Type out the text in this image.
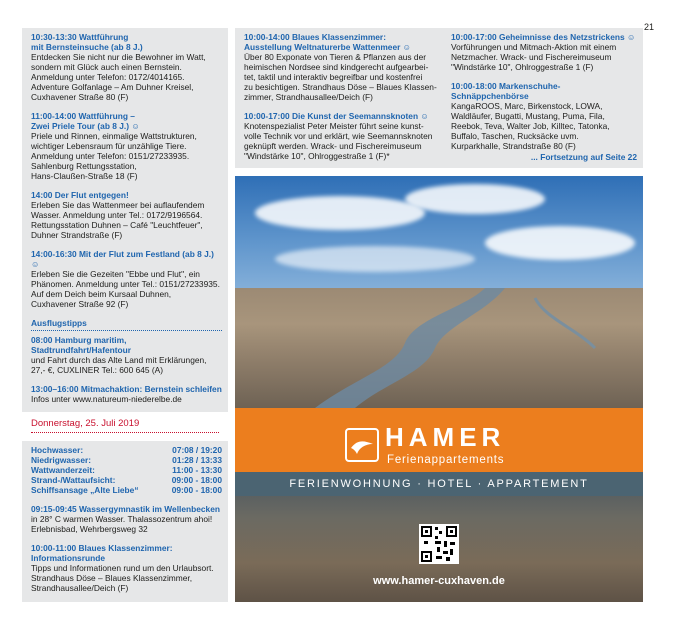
21
10:30-13:30 Wattführung
mit Bernsteinsuche (ab 8 J.)
Entdecken Sie nicht nur die Bewohner im Watt,
sondern mit Glück auch einen Bernstein.
Anmeldung unter Telefon: 0172/4014165.
Adventure Golfanlage – Am Duhner Kreisel,
Cuxhavener Straße 80 (F)
11:00-14:00 Wattführung –
Zwei Priele Tour (ab 8 J.) ☺
Priele und Rinnen, einmalige Wattstrukturen,
wichtiger Lebensraum für unzählige Tiere.
Anmeldung unter Telefon: 0151/27233935.
Sahlenburg Rettungsstation,
Hans-Claußen-Straße 18 (F)
14:00 Der Flut entgegen!
Erleben Sie das Wattenmeer bei auflaufendem
Wasser. Anmeldung unter Tel.: 0172/9196564.
Rettungsstation Duhnen – Café "Leuchtfeuer",
Duhner Strandstraße (F)
14:00-16:30 Mit der Flut zum Festland (ab 8 J.) ☺
Erleben Sie die Gezeiten "Ebbe und Flut", ein
Phänomen. Anmeldung unter Tel.: 0151/27233935.
Auf dem Deich beim Kursaal Duhnen,
Cuxhavener Straße 92 (F)
Ausflugstipps
08:00 Hamburg maritim, Stadtrundfahrt/Hafentour
und Fahrt durch das Alte Land mit Erklärungen,
27,- €, CUXLINER Tel.: 600 645 (A)
13:00–16:00 Mitmachaktion: Bernstein schleifen
Infos unter www.natureum-niederelbe.de
Donnerstag, 25. Juli 2019
Hochwasser:	07:08 / 19:20
Niedrigwasser:	01:28 / 13:33
Wattwanderzeit:	11:00 - 13:30
Strand-/Wattaufsicht:	09:00 - 18:00
Schiffsansage „Alte Liebe“	09:00 - 18:00
09:15-09:45 Wassergymnastik im Wellenbecken
in 28° C warmen Wasser. Thalassozentrum ahoi!
Erlebnisbad, Wehrbergsweg 32
10:00-11:00 Blaues Klassenzimmer:
Informationsrunde
Tipps und Informationen rund um den Urlaubsort.
Strandhaus Döse – Blaues Klassenzimmer,
Strandhausallee/Deich (F)
10:00-14:00 Blaues Klassenzimmer:
Ausstellung Weltnaturerbe Wattenmeer ☺
Über 80 Exponate von Tieren & Pflanzen aus der
heimischen Nordsee sind kindgerecht aufgearbei-
tet, taktil und interaktiv begreifbar und kostenfrei
zu besichtigen. Strandhaus Döse – Blaues Klassen-
zimmer, Strandhausallee/Deich (F)
10:00-17:00 Die Kunst der Seemannsknoten ☺
Knotenspezialist Peter Meister führt seine kunst-
volle Technik vor und erklärt, wie Seemannsknoten
geknüpft werden. Wrack- und Fischereimuseum
"Windstärke 10", Ohlroggestraße 1 (F)*
10:00-17:00 Geheimnisse des Netzstrickens ☺
Vorführungen und Mitmach-Aktion mit einem
Netzmacher. Wrack- und Fischereimuseum
"Windstärke 10", Ohlroggestraße 1 (F)
10:00-18:00 Markenschuhe-Schnäppchenbörse
KangaROOS, Marc, Birkenstock, LOWA,
Waldläufer, Bugatti, Mustang, Puma, Fila,
Reebok, Teva, Walter Job, Killtec, Tatonka,
Buffalo, Taschen, Rucksäcke uvm.
Kurparkhalle, Strandstraße 80 (F)
... Fortsetzung auf Seite 22
HAMER
Ferienappartements
FERIENWOHNUNG · HOTEL · APPARTEMENT
www.hamer-cuxhaven.de
